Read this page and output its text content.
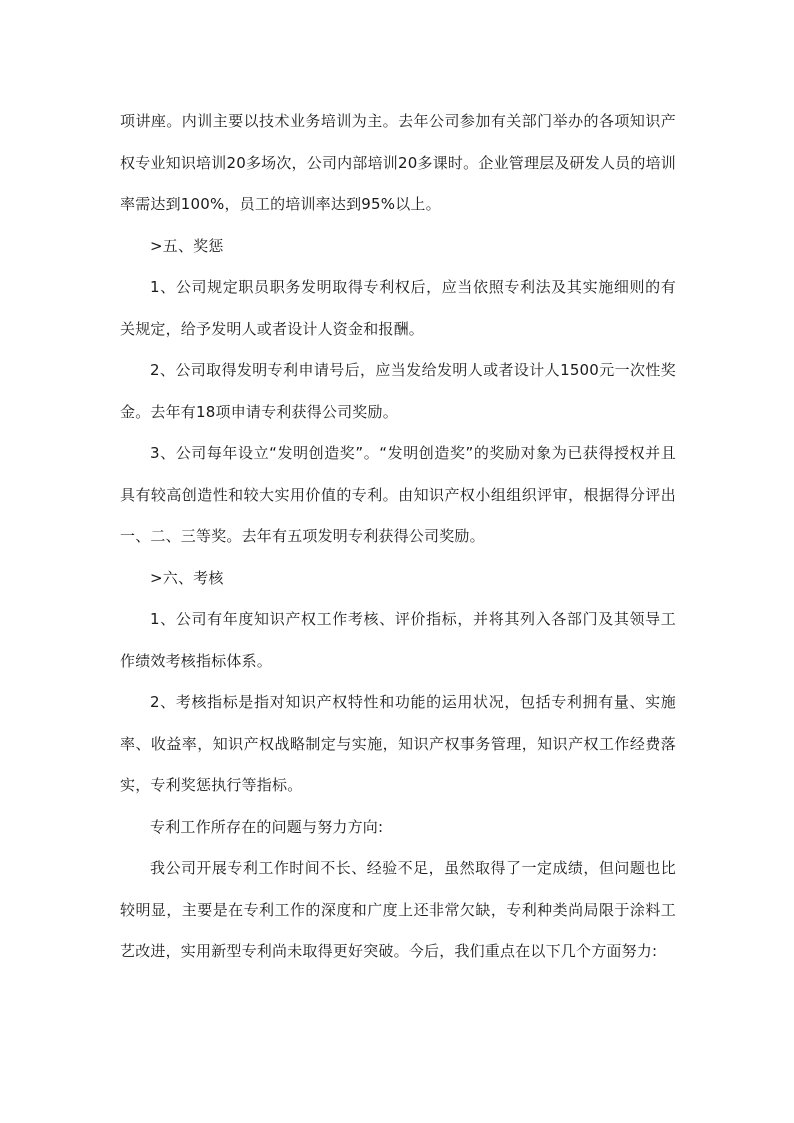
项讲座。内训主要以技术业务培训为主。去年公司参加有关部门举办的各项知识产权专业知识培训20多场次，公司内部培训20多课时。企业管理层及研发人员的培训率需达到100%，员工的培训率达到95%以上。

>五、奖惩

1、公司规定职员职务发明取得专利权后，应当依照专利法及其实施细则的有关规定，给予发明人或者设计人资金和报酬。

2、公司取得发明专利申请号后，应当发给发明人或者设计人1500元一次性奖金。去年有18项申请专利获得公司奖励。

3、公司每年设立“发明创造奖”。“发明创造奖”的奖励对象为已获得授权并且具有较高创造性和较大实用价值的专利。由知识产权小组组织评审，根据得分评出一、二、三等奖。去年有五项发明专利获得公司奖励。

>六、考核

1、公司有年度知识产权工作考核、评价指标，并将其列入各部门及其领导工作绩效考核指标体系。

2、考核指标是指对知识产权特性和功能的运用状况，包括专利拥有量、实施率、收益率，知识产权战略制定与实施，知识产权事务管理，知识产权工作经费落实，专利奖惩执行等指标。

专利工作所存在的问题与努力方向:

我公司开展专利工作时间不长、经验不足，虽然取得了一定成绩，但问题也比较明显，主要是在专利工作的深度和广度上还非常欠缺，专利种类尚局限于涂料工艺改进，实用新型专利尚未取得更好突破。今后，我们重点在以下几个方面努力:
